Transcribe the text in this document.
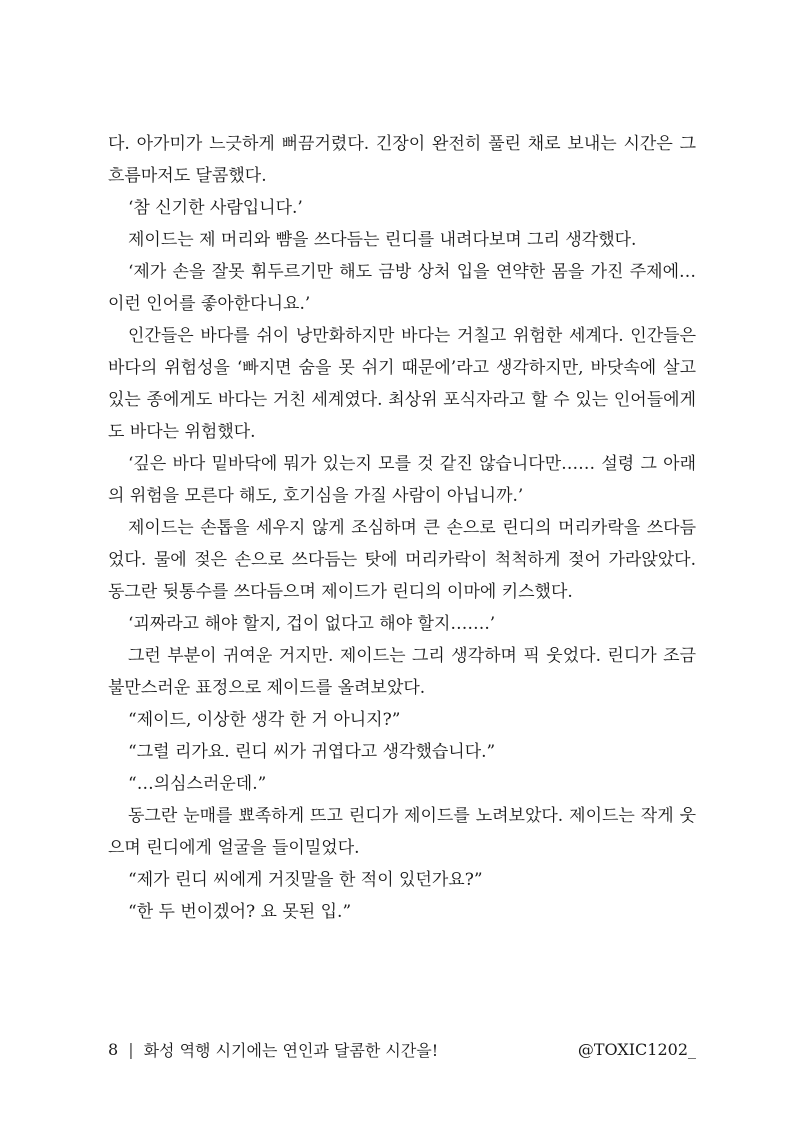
다. 아가미가 느긋하게 뻐끔거렸다. 긴장이 완전히 풀린 채로 보내는 시간은 그 흐름마저도 달콤했다.

‘참 신기한 사람입니다.’

제이드는 제 머리와 뺨을 쓰다듬는 린디를 내려다보며 그리 생각했다.

‘제가 손을 잘못 휘두르기만 해도 금방 상처 입을 연약한 몸을 가진 주제에… 이런 인어를 좋아한다니요.’

인간들은 바다를 쉬이 낭만화하지만 바다는 거칠고 위험한 세계다. 인간들은 바다의 위험성을 ‘빠지면 숨을 못 쉬기 때문에’라고 생각하지만, 바닷속에 살고 있는 종에게도 바다는 거친 세계였다. 최상위 포식자라고 할 수 있는 인어들에게도 바다는 위험했다.

‘깊은 바다 밑바닥에 뭐가 있는지 모를 것 같진 않습니다만…… 설령 그 아래의 위험을 모른다 해도, 호기심을 가질 사람이 아닙니까.’

제이드는 손톱을 세우지 않게 조심하며 큰 손으로 린디의 머리카락을 쓰다듬었다. 물에 젖은 손으로 쓰다듬는 탓에 머리카락이 척척하게 젖어 가라앉았다. 동그란 뒷통수를 쓰다듬으며 제이드가 린디의 이마에 키스했다.

‘괴짜라고 해야 할지, 겁이 없다고 해야 할지…….’

그런 부분이 귀여운 거지만. 제이드는 그리 생각하며 픽 웃었다. 린디가 조금 불만스러운 표정으로 제이드를 올려보았다.

“제이드, 이상한 생각 한 거 아니지?”

“그럴 리가요. 린디 씨가 귀엽다고 생각했습니다.”

“…의심스러운데.”

동그란 눈매를 뾰족하게 뜨고 린디가 제이드를 노려보았다. 제이드는 작게 웃으며 린디에게 얼굴을 들이밀었다.

“제가 린디 씨에게 거짓말을 한 적이 있던가요?”

“한 두 번이겠어? 요 못된 입.”

8 | 화성 역행 시기에는 연인과 달콤한 시간을!	@TOXIC1202_
